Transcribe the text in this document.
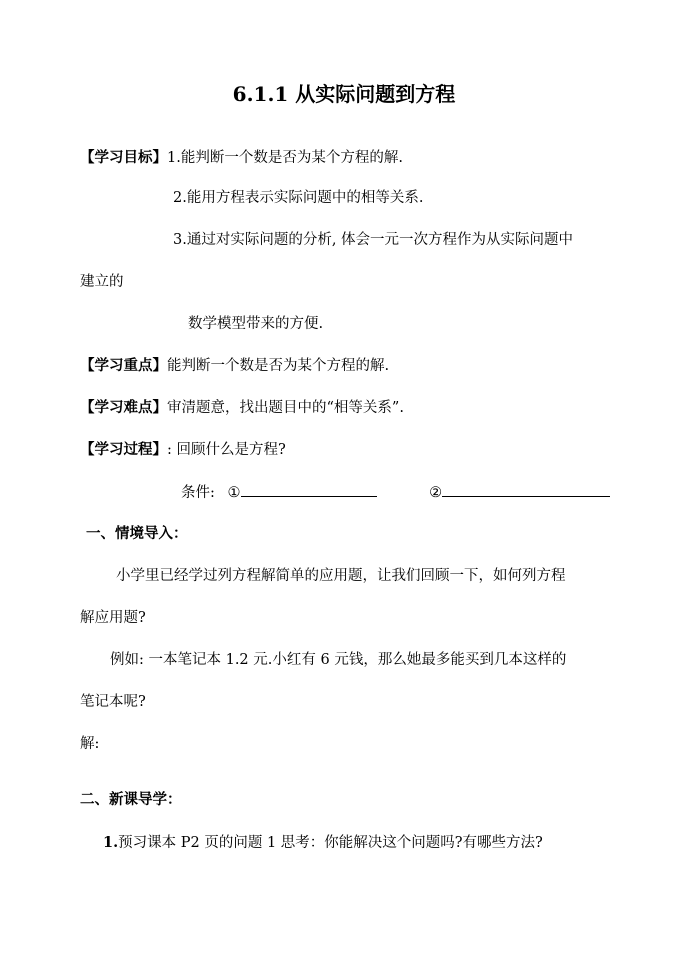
6.1.1 从实际问题到方程
【学习目标】1.能判断一个数是否为某个方程的解.
2.能用方程表示实际问题中的相等关系.
3.通过对实际问题的分析, 体会一元一次方程作为从实际问题中
建立的
数学模型带来的方便.
【学习重点】能判断一个数是否为某个方程的解.
【学习难点】审清题意，找出题目中的“相等关系”.
【学习过程】: 回顾什么是方程?
条件: ①	②
一、情境导入：
小学里已经学过列方程解简单的应用题，让我们回顾一下，如何列方程
解应用题?
例如: 一本笔记本 1.2 元.小红有 6 元钱，那么她最多能买到几本这样的
笔记本呢?
解:
二、新课导学：
1.预习课本 P2 页的问题 1 思考：你能解决这个问题吗?有哪些方法?
